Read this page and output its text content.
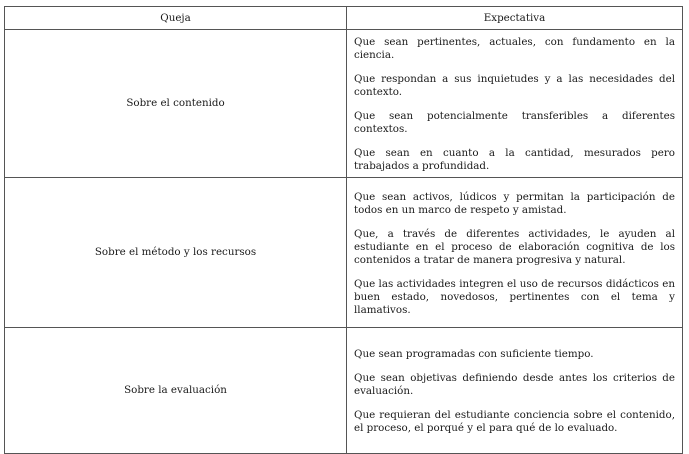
Queja	Expectativa
Sobre el contenido	Que sean pertinentes, actuales, con fundamento en la ciencia.

Que respondan a sus inquietudes y a las necesidades del contexto.

Que sean potencialmente transferibles a diferentes contextos.

Que sean en cuanto a la cantidad, mesurados pero trabajados a profundidad.

Sobre el método y los recursos	Que sean activos, lúdicos y permitan la participación de todos en un marco de respeto y amistad.

Que, a través de diferentes actividades, le ayuden al estudiante en el proceso de elaboración cognitiva de los contenidos a tratar de manera progresiva y natural.

Que las actividades integren el uso de recursos didácticos en buen estado, novedosos, pertinentes con el tema y llamativos.

Sobre la evaluación	Que sean programadas con suficiente tiempo.

Que sean objetivas definiendo desde antes los criterios de evaluación.

Que requieran del estudiante conciencia sobre el contenido, el proceso, el porqué y el para qué de lo evaluado.
